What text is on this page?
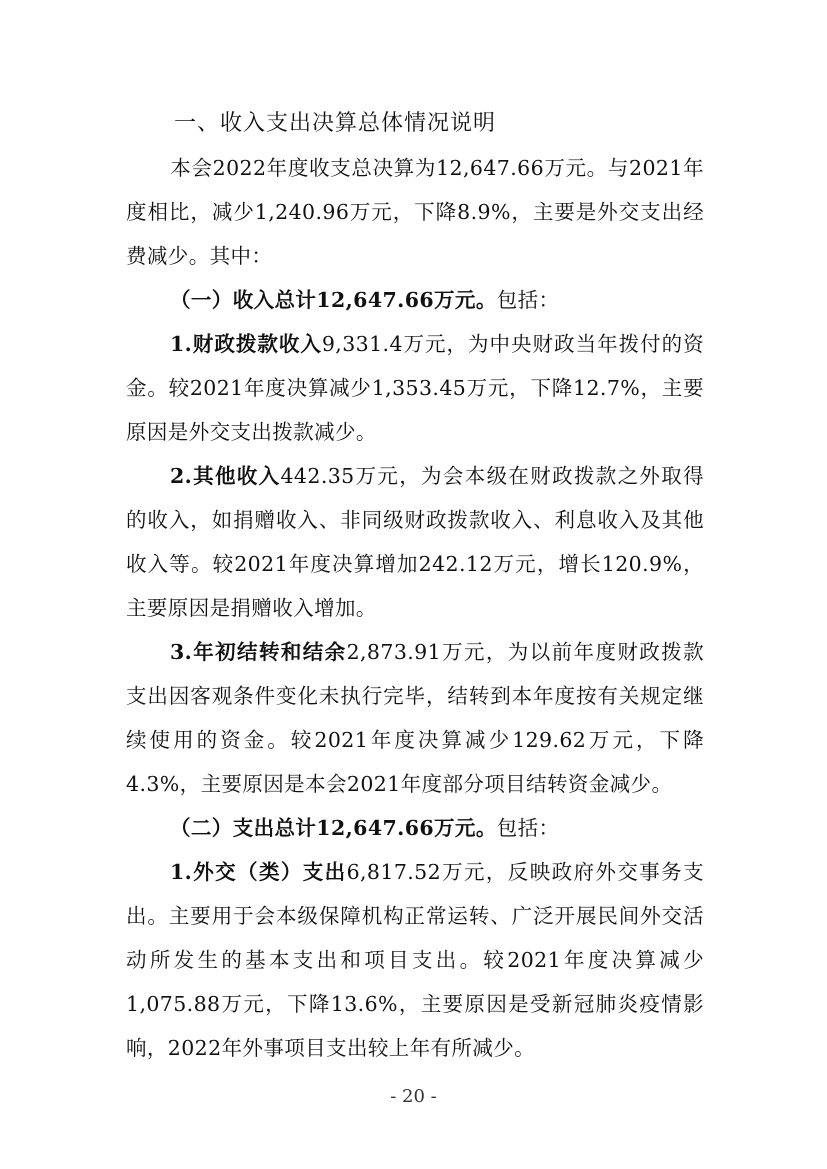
一、收入支出决算总体情况说明
本会2022年度收支总决算为12,647.66万元。与2021年度相比，减少1,240.96万元，下降8.9%，主要是外交支出经费减少。其中：
（一）收入总计12,647.66万元。包括：
1.财政拨款收入9,331.4万元，为中央财政当年拨付的资金。较2021年度决算减少1,353.45万元，下降12.7%，主要原因是外交支出拨款减少。
2.其他收入442.35万元，为会本级在财政拨款之外取得的收入，如捐赠收入、非同级财政拨款收入、利息收入及其他收入等。较2021年度决算增加242.12万元，增长120.9%，主要原因是捐赠收入增加。
3.年初结转和结余2,873.91万元，为以前年度财政拨款支出因客观条件变化未执行完毕，结转到本年度按有关规定继续使用的资金。较2021年度决算减少129.62万元，下降4.3%，主要原因是本会2021年度部分项目结转资金减少。
（二）支出总计12,647.66万元。包括：
1.外交（类）支出6,817.52万元，反映政府外交事务支出。主要用于会本级保障机构正常运转、广泛开展民间外交活动所发生的基本支出和项目支出。较2021年度决算减少1,075.88万元，下降13.6%，主要原因是受新冠肺炎疫情影响，2022年外事项目支出较上年有所减少。
- 20 -
